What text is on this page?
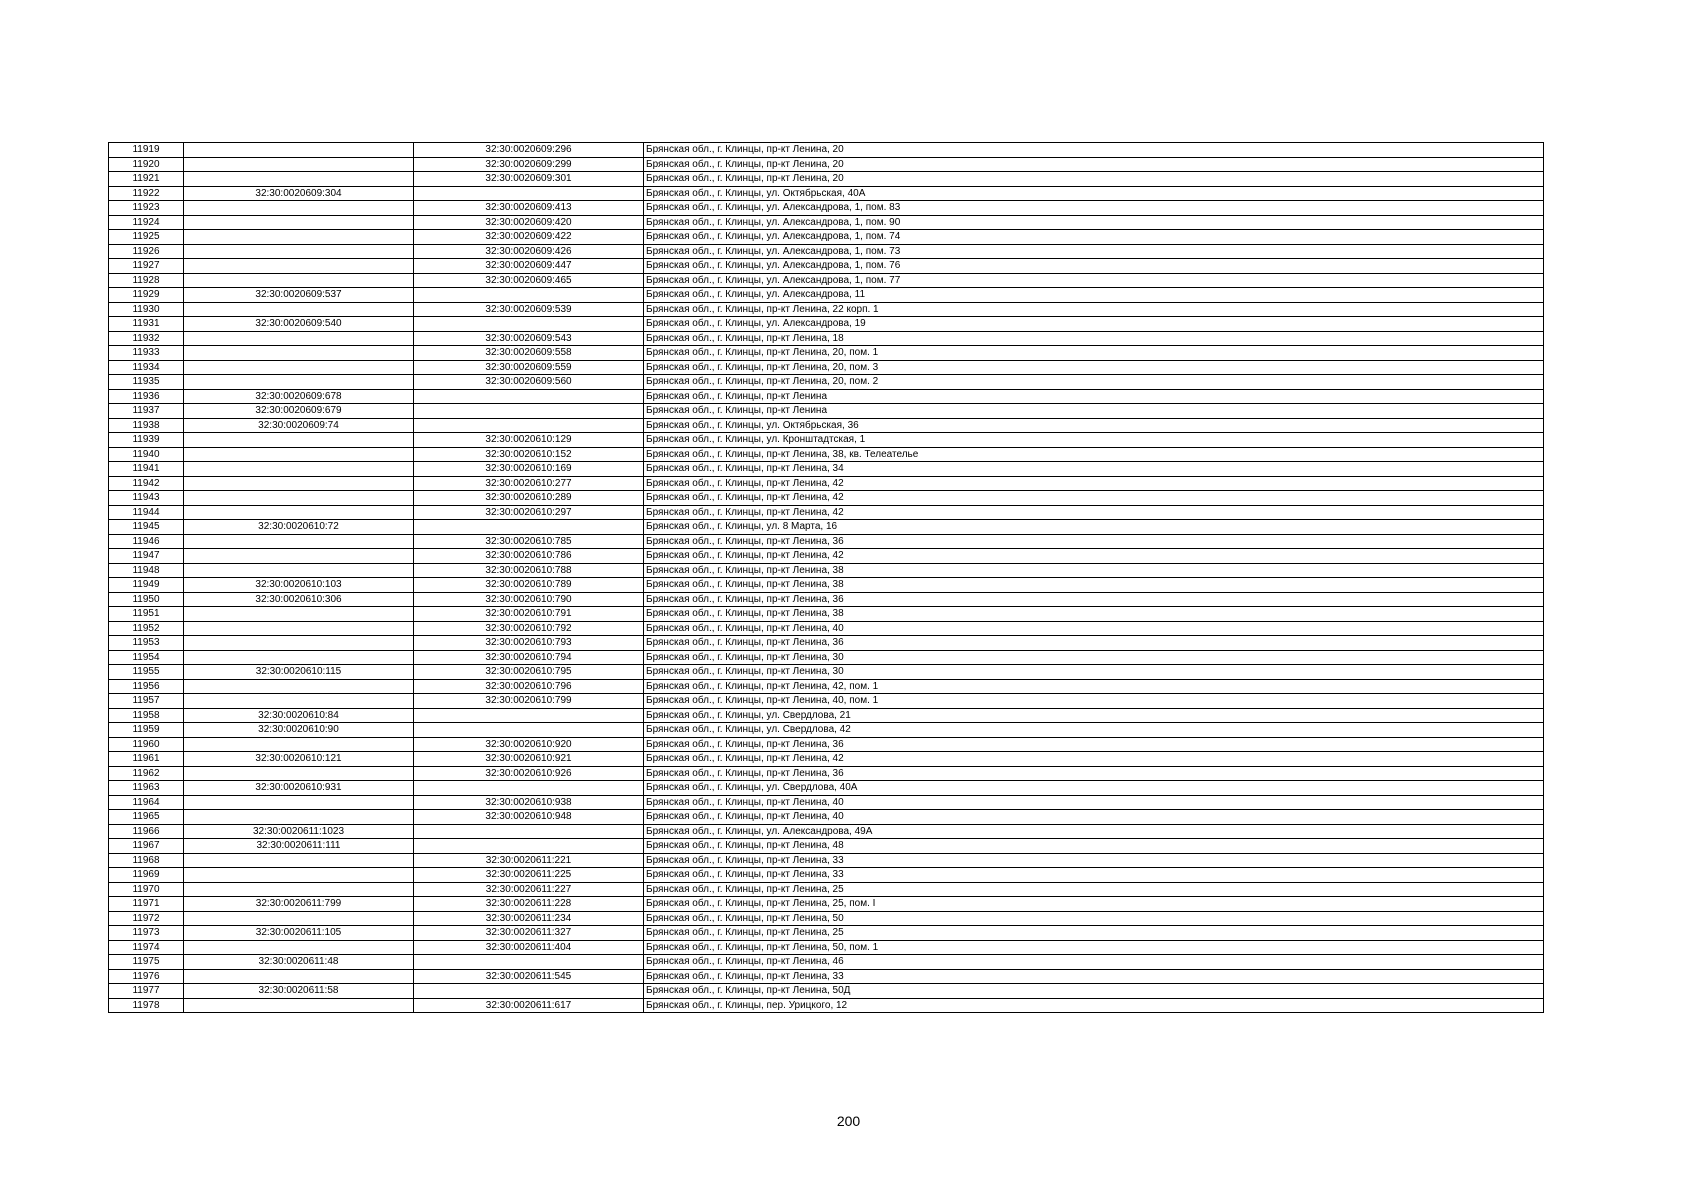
11919		32:30:0020609:296	Брянская обл., г. Клинцы, пр-кт Ленина, 20
11920		32:30:0020609:299	Брянская обл., г. Клинцы, пр-кт Ленина, 20
11921		32:30:0020609:301	Брянская обл., г. Клинцы, пр-кт Ленина, 20
11922	32:30:0020609:304		Брянская обл., г. Клинцы, ул. Октябрьская, 40А
11923		32:30:0020609:413	Брянская обл., г. Клинцы, ул. Александрова, 1, пом. 83
11924		32:30:0020609:420	Брянская обл., г. Клинцы, ул. Александрова, 1, пом. 90
11925		32:30:0020609:422	Брянская обл., г. Клинцы, ул. Александрова, 1, пом. 74
11926		32:30:0020609:426	Брянская обл., г. Клинцы, ул. Александрова, 1, пом. 73
11927		32:30:0020609:447	Брянская обл., г. Клинцы, ул. Александрова, 1, пом. 76
11928		32:30:0020609:465	Брянская обл., г. Клинцы, ул. Александрова, 1, пом. 77
11929	32:30:0020609:537		Брянская обл., г. Клинцы, ул. Александрова, 11
11930		32:30:0020609:539	Брянская обл., г. Клинцы, пр-кт Ленина, 22 корп. 1
11931	32:30:0020609:540		Брянская обл., г. Клинцы, ул. Александрова, 19
11932		32:30:0020609:543	Брянская обл., г. Клинцы, пр-кт Ленина, 18
11933		32:30:0020609:558	Брянская обл., г. Клинцы, пр-кт Ленина, 20, пом. 1
11934		32:30:0020609:559	Брянская обл., г. Клинцы, пр-кт Ленина, 20, пом. 3
11935		32:30:0020609:560	Брянская обл., г. Клинцы, пр-кт Ленина, 20, пом. 2
11936	32:30:0020609:678		Брянская обл., г. Клинцы, пр-кт Ленина
11937	32:30:0020609:679		Брянская обл., г. Клинцы, пр-кт Ленина
11938	32:30:0020609:74		Брянская обл., г. Клинцы, ул. Октябрьская, 36
11939		32:30:0020610:129	Брянская обл., г. Клинцы, ул. Кронштадтская, 1
11940		32:30:0020610:152	Брянская обл., г. Клинцы, пр-кт Ленина, 38, кв. Телеателье
11941		32:30:0020610:169	Брянская обл., г. Клинцы, пр-кт Ленина, 34
11942		32:30:0020610:277	Брянская обл., г. Клинцы, пр-кт Ленина, 42
11943		32:30:0020610:289	Брянская обл., г. Клинцы, пр-кт Ленина, 42
11944		32:30:0020610:297	Брянская обл., г. Клинцы, пр-кт Ленина, 42
11945	32:30:0020610:72		Брянская обл., г. Клинцы, ул. 8 Марта, 16
11946		32:30:0020610:785	Брянская обл., г. Клинцы, пр-кт Ленина, 36
11947		32:30:0020610:786	Брянская обл., г. Клинцы, пр-кт Ленина, 42
11948		32:30:0020610:788	Брянская обл., г. Клинцы, пр-кт Ленина, 38
11949	32:30:0020610:103	32:30:0020610:789	Брянская обл., г. Клинцы, пр-кт Ленина, 38
11950	32:30:0020610:306	32:30:0020610:790	Брянская обл., г. Клинцы, пр-кт Ленина, 36
11951		32:30:0020610:791	Брянская обл., г. Клинцы, пр-кт Ленина, 38
11952		32:30:0020610:792	Брянская обл., г. Клинцы, пр-кт Ленина, 40
11953		32:30:0020610:793	Брянская обл., г. Клинцы, пр-кт Ленина, 36
11954		32:30:0020610:794	Брянская обл., г. Клинцы, пр-кт Ленина, 30
11955	32:30:0020610:115	32:30:0020610:795	Брянская обл., г. Клинцы, пр-кт Ленина, 30
11956		32:30:0020610:796	Брянская обл., г. Клинцы, пр-кт Ленина, 42, пом. 1
11957		32:30:0020610:799	Брянская обл., г. Клинцы, пр-кт Ленина, 40, пом. 1
11958	32:30:0020610:84		Брянская обл., г. Клинцы, ул. Свердлова, 21
11959	32:30:0020610:90		Брянская обл., г. Клинцы, ул. Свердлова, 42
11960		32:30:0020610:920	Брянская обл., г. Клинцы, пр-кт Ленина, 36
11961	32:30:0020610:121	32:30:0020610:921	Брянская обл., г. Клинцы, пр-кт Ленина, 42
11962		32:30:0020610:926	Брянская обл., г. Клинцы, пр-кт Ленина, 36
11963	32:30:0020610:931		Брянская обл., г. Клинцы, ул. Свердлова, 40А
11964		32:30:0020610:938	Брянская обл., г. Клинцы, пр-кт Ленина, 40
11965		32:30:0020610:948	Брянская обл., г. Клинцы, пр-кт Ленина, 40
11966	32:30:0020611:1023		Брянская обл., г. Клинцы, ул. Александрова, 49А
11967	32:30:0020611:111		Брянская обл., г. Клинцы, пр-кт Ленина, 48
11968		32:30:0020611:221	Брянская обл., г. Клинцы, пр-кт Ленина, 33
11969		32:30:0020611:225	Брянская обл., г. Клинцы, пр-кт Ленина, 33
11970		32:30:0020611:227	Брянская обл., г. Клинцы, пр-кт Ленина, 25
11971	32:30:0020611:799	32:30:0020611:228	Брянская обл., г. Клинцы, пр-кт Ленина, 25, пом. I
11972		32:30:0020611:234	Брянская обл., г. Клинцы, пр-кт Ленина, 50
11973	32:30:0020611:105	32:30:0020611:327	Брянская обл., г. Клинцы, пр-кт Ленина, 25
11974		32:30:0020611:404	Брянская обл., г. Клинцы, пр-кт Ленина, 50, пом. 1
11975	32:30:0020611:48		Брянская обл., г. Клинцы, пр-кт Ленина, 46
11976		32:30:0020611:545	Брянская обл., г. Клинцы, пр-кт Ленина, 33
11977	32:30:0020611:58		Брянская обл., г. Клинцы, пр-кт Ленина, 50Д
11978		32:30:0020611:617	Брянская обл., г. Клинцы, пер. Урицкого, 12
200
